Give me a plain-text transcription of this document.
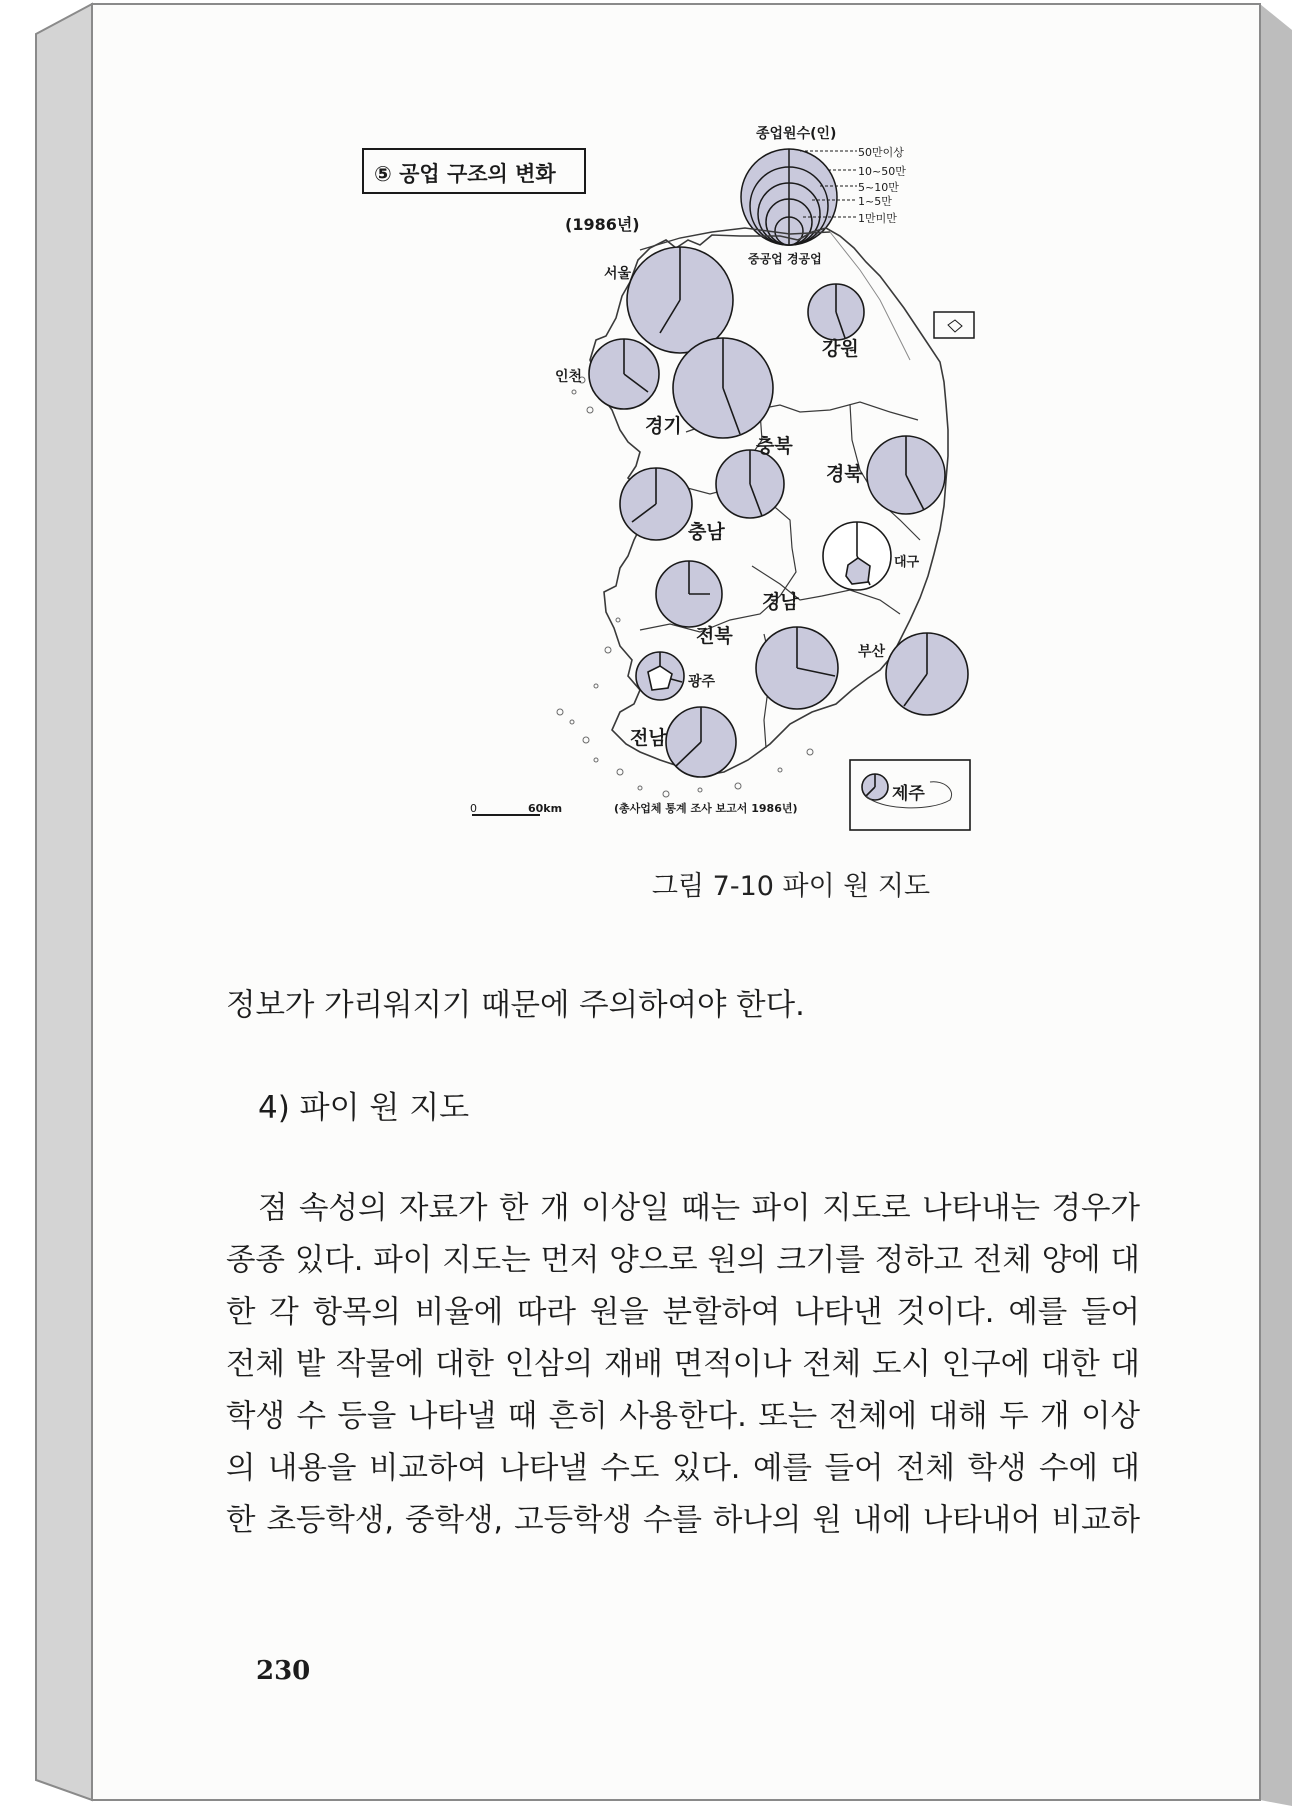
⑤ 공업 구조의 변화
(1986년)
종업원수(인)
50만이상
10~50만
5~10만
1~5만
1만미만
중공업 경공업
서울
인천
경기
강원
충북
충남
경북
대구
전북
경남
부산
광주
전남
제주
0	60km	(총사업체 통계 조사 보고서 1986년)
그림 7-10 파이 원 지도
정보가 가리워지기 때문에 주의하여야 한다.
4) 파이 원 지도
점 속성의 자료가 한 개 이상일 때는 파이 지도로 나타내는 경우가
종종 있다. 파이 지도는 먼저 양으로 원의 크기를 정하고 전체 양에 대
한 각 항목의 비율에 따라 원을 분할하여 나타낸 것이다. 예를 들어
전체 밭 작물에 대한 인삼의 재배 면적이나 전체 도시 인구에 대한 대
학생 수 등을 나타낼 때 흔히 사용한다. 또는 전체에 대해 두 개 이상
의 내용을 비교하여 나타낼 수도 있다. 예를 들어 전체 학생 수에 대
한 초등학생, 중학생, 고등학생 수를 하나의 원 내에 나타내어 비교하
230
